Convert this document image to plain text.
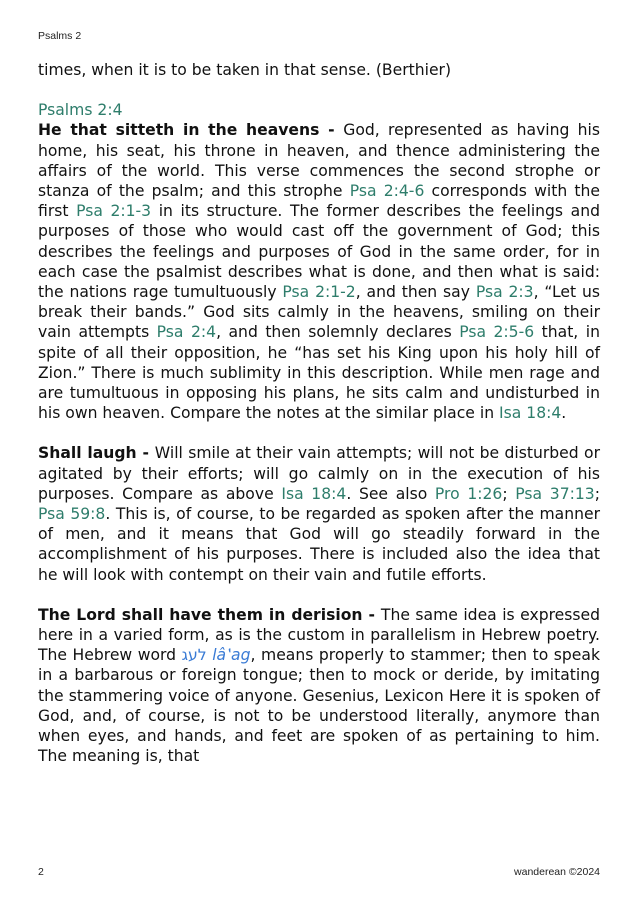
Psalms 2

times, when it is to be taken in that sense. (Berthier)

Psalms 2:4

He that sitteth in the heavens - God, represented as having his home, his seat, his throne in heaven, and thence administering the affairs of the world. This verse commences the second strophe or stanza of the psalm; and this strophe Psa 2:4-6 corresponds with the first Psa 2:1-3 in its structure. The former describes the feelings and purposes of those who would cast off the government of God; this describes the feelings and purposes of God in the same order, for in each case the psalmist describes what is done, and then what is said: the nations rage tumultuously Psa 2:1-2, and then say Psa 2:3, “Let us break their bands.” God sits calmly in the heavens, smiling on their vain attempts Psa 2:4, and then solemnly declares Psa 2:5-6 that, in spite of all their opposition, he “has set his King upon his holy hill of Zion.” There is much sublimity in this description. While men rage and are tumultuous in opposing his plans, he sits calm and undisturbed in his own heaven. Compare the notes at the similar place in Isa 18:4.

Shall laugh - Will smile at their vain attempts; will not be disturbed or agitated by their efforts; will go calmly on in the execution of his purposes. Compare as above Isa 18:4. See also Pro 1:26; Psa 37:13; Psa 59:8. This is, of course, to be regarded as spoken after the manner of men, and it means that God will go steadily forward in the accomplishment of his purposes. There is included also the idea that he will look with contempt on their vain and futile efforts.

The Lord shall have them in derision - The same idea is expressed here in a varied form, as is the custom in parallelism in Hebrew poetry. The Hebrew word לעג lâ‛ag, means properly to stammer; then to speak in a barbarous or foreign tongue; then to mock or deride, by imitating the stammering voice of anyone. Gesenius, Lexicon Here it is spoken of God, and, of course, is not to be understood literally, anymore than when eyes, and hands, and feet are spoken of as pertaining to him. The meaning is, that

2	wanderean ©2024
